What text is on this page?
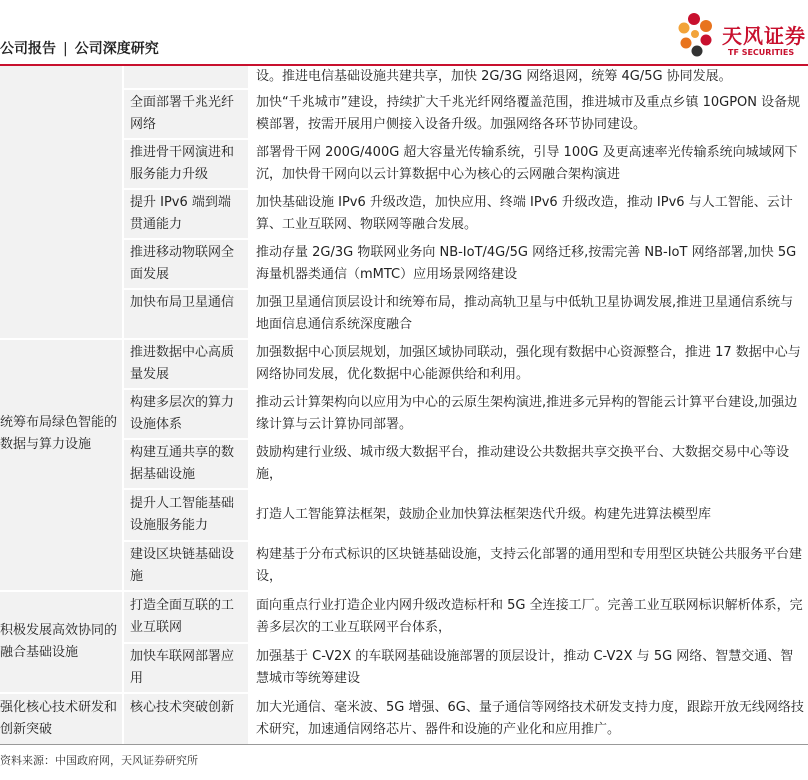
公司报告 | 公司深度研究
天风证券
TF SECURITIES
统筹布局绿色智能的数据与算力设施
积极发展高效协同的融合基础设施
强化核心技术研发和创新突破
设。推进电信基础设施共建共享，加快 2G/3G 网络退网，统筹 4G/5G 协同发展。
全面部署千兆光纤网络
加快“千兆城市”建设，持续扩大千兆光纤网络覆盖范围，推进城市及重点乡镇 10GPON 设备规模部署，按需开展用户侧接入设备升级。加强网络各环节协同建设。
推进骨干网演进和服务能力升级
部署骨干网 200G/400G 超大容量光传输系统，引导 100G 及更高速率光传输系统向城域网下沉，加快骨干网向以云计算数据中心为核心的云网融合架构演进
提升 IPv6 端到端贯通能力
加快基础设施 IPv6 升级改造，加快应用、终端 IPv6 升级改造，推动 IPv6 与人工智能、云计算、工业互联网、物联网等融合发展。
推进移动物联网全面发展
推动存量 2G/3G 物联网业务向 NB-IoT/4G/5G 网络迁移,按需完善 NB-IoT 网络部署,加快 5G 海量机器类通信（mMTC）应用场景网络建设
加快布局卫星通信	加强卫星通信顶层设计和统筹布局，推动高轨卫星与中低轨卫星协调发展,推进卫星通信系统与地面信息通信系统深度融合
推进数据中心高质量发展
加强数据中心顶层规划，加强区域协同联动，强化现有数据中心资源整合，推进 17 数据中心与网络协同发展，优化数据中心能源供给和利用。
构建多层次的算力设施体系
推动云计算架构向以应用为中心的云原生架构演进,推进多元异构的智能云计算平台建设,加强边缘计算与云计算协同部署。
构建互通共享的数据基础设施
鼓励构建行业级、城市级大数据平台，推动建设公共数据共享交换平台、大数据交易中心等设施，
提升人工智能基础设施服务能力
打造人工智能算法框架，鼓励企业加快算法框架迭代升级。构建先进算法模型库
建设区块链基础设施
构建基于分布式标识的区块链基础设施，支持云化部署的通用型和专用型区块链公共服务平台建设，
打造全面互联的工业互联网
面向重点行业打造企业内网升级改造标杆和 5G 全连接工厂。完善工业互联网标识解析体系，完善多层次的工业互联网平台体系，
加快车联网部署应用
加强基于 C-V2X 的车联网基础设施部署的顶层设计，推动 C-V2X 与 5G 网络、智慧交通、智慧城市等统筹建设
核心技术突破创新	加大光通信、毫米波、5G 增强、6G、量子通信等网络技术研发支持力度，跟踪开放无线网络技术研究，加速通信网络芯片、器件和设施的产业化和应用推广。
资料来源：中国政府网，天风证券研究所
